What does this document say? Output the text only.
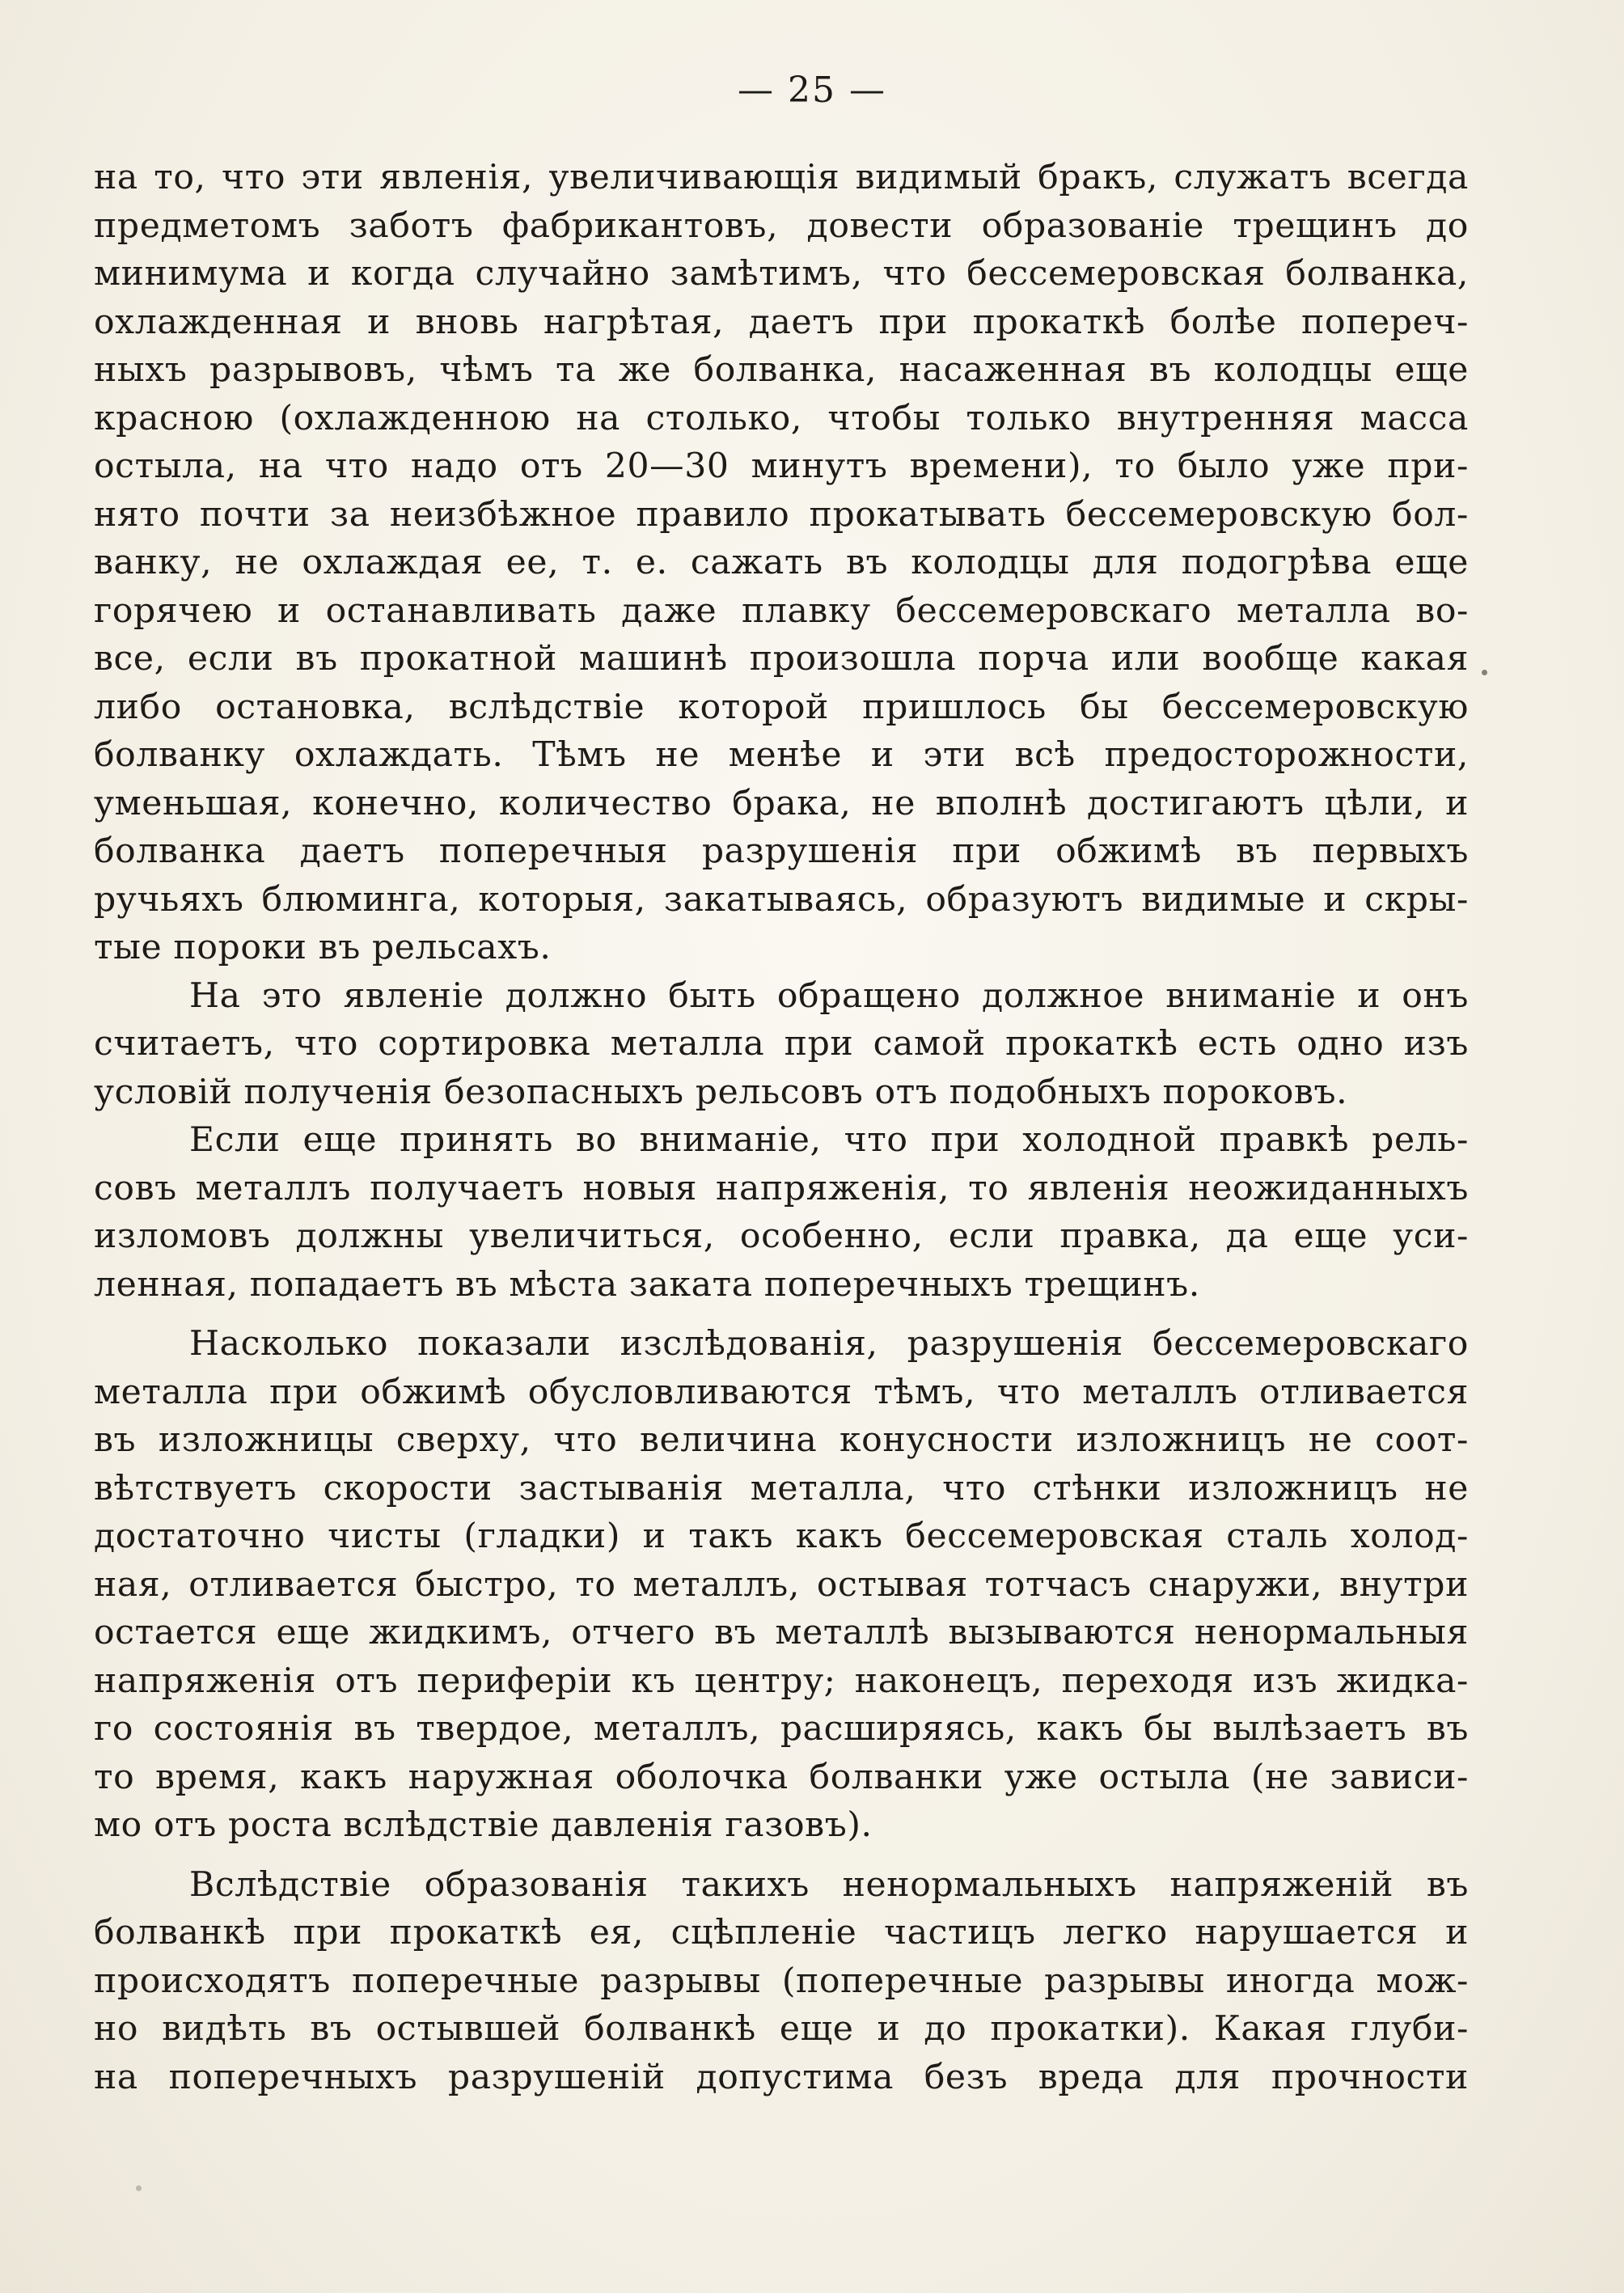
— 25 —
на то, что эти явленія, увеличивающія видимый бракъ, служатъ всегда
предметомъ заботъ фабрикантовъ, довести образованіе трещинъ до
минимума и когда случайно замѣтимъ, что бессемеровская болванка,
охлажденная и вновь нагрѣтая, даетъ при прокаткѣ болѣе попереч-
ныхъ разрывовъ, чѣмъ та же болванка, насаженная въ колодцы еще
красною (охлажденною на столько, чтобы только внутренняя масса
остыла, на что надо отъ 20—30 минутъ времени), то было уже при-
нято почти за неизбѣжное правило прокатывать бессемеровскую бол-
ванку, не охлаждая ее, т. е. сажать въ колодцы для подогрѣва еще
горячею и останавливать даже плавку бессемеровскаго металла во-
все, если въ прокатной машинѣ произошла порча или вообще какая
либо остановка, вслѣдствіе которой пришлось бы бессемеровскую
болванку охлаждать. Тѣмъ не менѣе и эти всѣ предосторожности,
уменьшая, конечно, количество брака, не вполнѣ достигаютъ цѣли, и
болванка даетъ поперечныя разрушенія при обжимѣ въ первыхъ
ручьяхъ блюминга, которыя, закатываясь, образуютъ видимые и скры-
тые пороки въ рельсахъ.
На это явленіе должно быть обращено должное вниманіе и онъ
считаетъ, что сортировка металла при самой прокаткѣ есть одно изъ
условій полученія безопасныхъ рельсовъ отъ подобныхъ пороковъ.
Если еще принять во вниманіе, что при холодной правкѣ рель-
совъ металлъ получаетъ новыя напряженія, то явленія неожиданныхъ
изломовъ должны увеличиться, особенно, если правка, да еще уси-
ленная, попадаетъ въ мѣста заката поперечныхъ трещинъ.
Насколько показали изслѣдованія, разрушенія бессемеровскаго
металла при обжимѣ обусловливаются тѣмъ, что металлъ отливается
въ изложницы сверху, что величина конусности изложницъ не соот-
вѣтствуетъ скорости застыванія металла, что стѣнки изложницъ не
достаточно чисты (гладки) и такъ какъ бессемеровская сталь холод-
ная, отливается быстро, то металлъ, остывая тотчасъ снаружи, внутри
остается еще жидкимъ, отчего въ металлѣ вызываются ненормальныя
напряженія отъ периферіи къ центру; наконецъ, переходя изъ жидка-
го состоянія въ твердое, металлъ, расширяясь, какъ бы вылѣзаетъ въ
то время, какъ наружная оболочка болванки уже остыла (не зависи-
мо отъ роста вслѣдствіе давленія газовъ).
Вслѣдствіе образованія такихъ ненормальныхъ напряженій въ
болванкѣ при прокаткѣ ея, сцѣпленіе частицъ легко нарушается и
происходятъ поперечные разрывы (поперечные разрывы иногда мож-
но видѣть въ остывшей болванкѣ еще и до прокатки). Какая глуби-
на поперечныхъ разрушеній допустима безъ вреда для прочности
